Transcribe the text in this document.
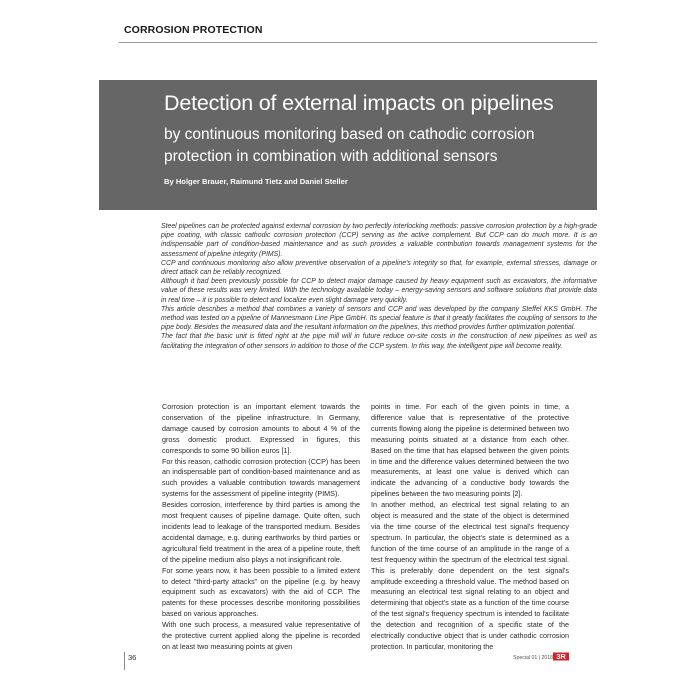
CORROSION PROTECTION
Detection of external impacts on pipelines
by continuous monitoring based on cathodic corrosion protection in combination with additional sensors
By Holger Brauer, Raimund Tietz and Daniel Steller

Steel pipelines can be protected against external corrosion by two perfectly interlocking methods: passive corrosion protection by a high-grade pipe coating, with classic cathodic corrosion protection (CCP) serving as the active complement. But CCP can do much more. It is an indispensable part of condition-based maintenance and as such provides a valuable contribution towards management systems for the assessment of pipeline integrity (PIMS).

CCP and continuous monitoring also allow preventive observation of a pipeline's integrity so that, for example, external stresses, damage or direct attack can be reliably recognized.

Although it had been previously possible for CCP to detect major damage caused by heavy equipment such as excavators, the informative value of these results was very limited. With the technology available today – energy-saving sensors and software solutions that provide data in real time – it is possible to detect and localize even slight damage very quickly.

This article describes a method that combines a variety of sensors and CCP and was developed by the company Steffel KKS GmbH. The method was tested on a pipeline of Mannesmann Line Pipe GmbH. Its special feature is that it greatly facilitates the coupling of sensors to the pipe body. Besides the measured data and the resultant information on the pipelines, this method provides further optimization potential.

The fact that the basic unit is fitted right at the pipe mill will in future reduce on-site costs in the construction of new pipelines as well as facilitating the integration of other sensors in addition to those of the CCP system. In this way, the intelligent pipe will become reality.

Corrosion protection is an important element towards the conservation of the pipeline infrastructure. In Germany, damage caused by corrosion amounts to about 4 % of the gross domestic product. Expressed in figures, this corresponds to some 90 billion euros [1].

For this reason, cathodic corrosion protection (CCP) has been an indispensable part of condition-based maintenance and as such provides a valuable contribution towards management systems for the assessment of pipeline integrity (PIMS).

Besides corrosion, interference by third parties is among the most frequent causes of pipeline damage. Quite often, such incidents lead to leakage of the transported medium. Besides accidental damage, e.g. during earthworks by third parties or agricultural field treatment in the area of a pipeline route, theft of the pipeline medium also plays a not insignificant role.

For some years now, it has been possible to a limited extent to detect "third-party attacks" on the pipeline (e.g. by heavy equipment such as excavators) with the aid of CCP. The patents for these processes describe monitoring possibilities based on various approaches.

With one such process, a measured value representative of the protective current applied along the pipeline is recorded on at least two measuring points at given

points in time. For each of the given points in time, a difference value that is representative of the protective currents flowing along the pipeline is determined between two measuring points situated at a distance from each other. Based on the time that has elapsed between the given points in time and the difference values determined between the two measurements, at least one value is derived which can indicate the advancing of a conductive body towards the pipelines between the two measuring points [2].

In another method, an electrical test signal relating to an object is measured and the state of the object is determined via the time course of the electrical test signal's frequency spectrum. In particular, the object's state is determined as a function of the time course of an amplitude in the range of a test frequency within the spectrum of the electrical test signal. This is preferably done dependent on the test signal's amplitude exceeding a threshold value. The method based on measuring an electrical test signal relating to an object and determining that object's state as a function of the time course of the test signal's frequency spectrum is intended to facilitate the detection and recognition of a specific state of the electrically conductive object that is under cathodic corrosion protection. In particular, monitoring the

36	Special 01 | 2018 3R
